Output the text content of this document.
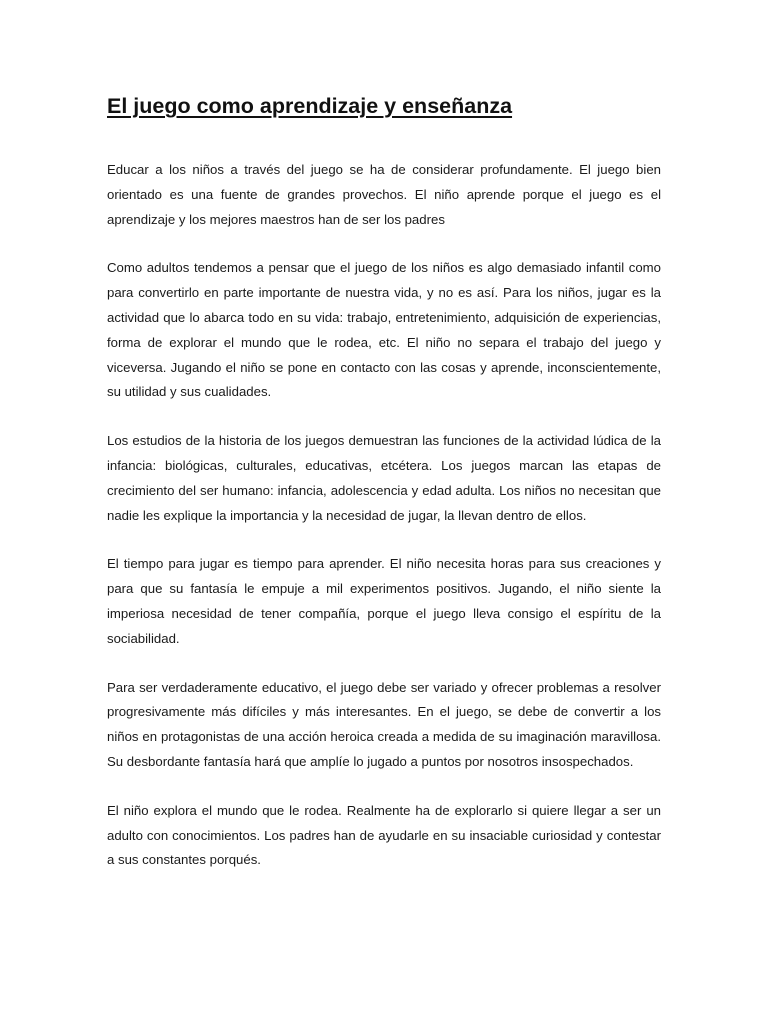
El juego como aprendizaje y enseñanza

Educar a los niños a través del juego se ha de considerar profundamente. El juego bien orientado es una fuente de grandes provechos. El niño aprende porque el juego es el aprendizaje y los mejores maestros han de ser los padres

Como adultos tendemos a pensar que el juego de los niños es algo demasiado infantil como para convertirlo en parte importante de nuestra vida, y no es así. Para los niños, jugar es la actividad que lo abarca todo en su vida: trabajo, entretenimiento, adquisición de experiencias, forma de explorar el mundo que le rodea, etc. El niño no separa el trabajo del juego y viceversa. Jugando el niño se pone en contacto con las cosas y aprende, inconscientemente, su utilidad y sus cualidades.

Los estudios de la historia de los juegos demuestran las funciones de la actividad lúdica de la infancia: biológicas, culturales, educativas, etcétera. Los juegos marcan las etapas de crecimiento del ser humano: infancia, adolescencia y edad adulta. Los niños no necesitan que nadie les explique la importancia y la necesidad de jugar, la llevan dentro de ellos.

El tiempo para jugar es tiempo para aprender. El niño necesita horas para sus creaciones y para que su fantasía le empuje a mil experimentos positivos. Jugando, el niño siente la imperiosa necesidad de tener compañía, porque el juego lleva consigo el espíritu de la sociabilidad.

Para ser verdaderamente educativo, el juego debe ser variado y ofrecer problemas a resolver progresivamente más difíciles y más interesantes. En el juego, se debe de convertir a los niños en protagonistas de una acción heroica creada a medida de su imaginación maravillosa. Su desbordante fantasía hará que amplíe lo jugado a puntos por nosotros insospechados.

El niño explora el mundo que le rodea. Realmente ha de explorarlo si quiere llegar a ser un adulto con conocimientos. Los padres han de ayudarle en su insaciable curiosidad y contestar a sus constantes porqués.
